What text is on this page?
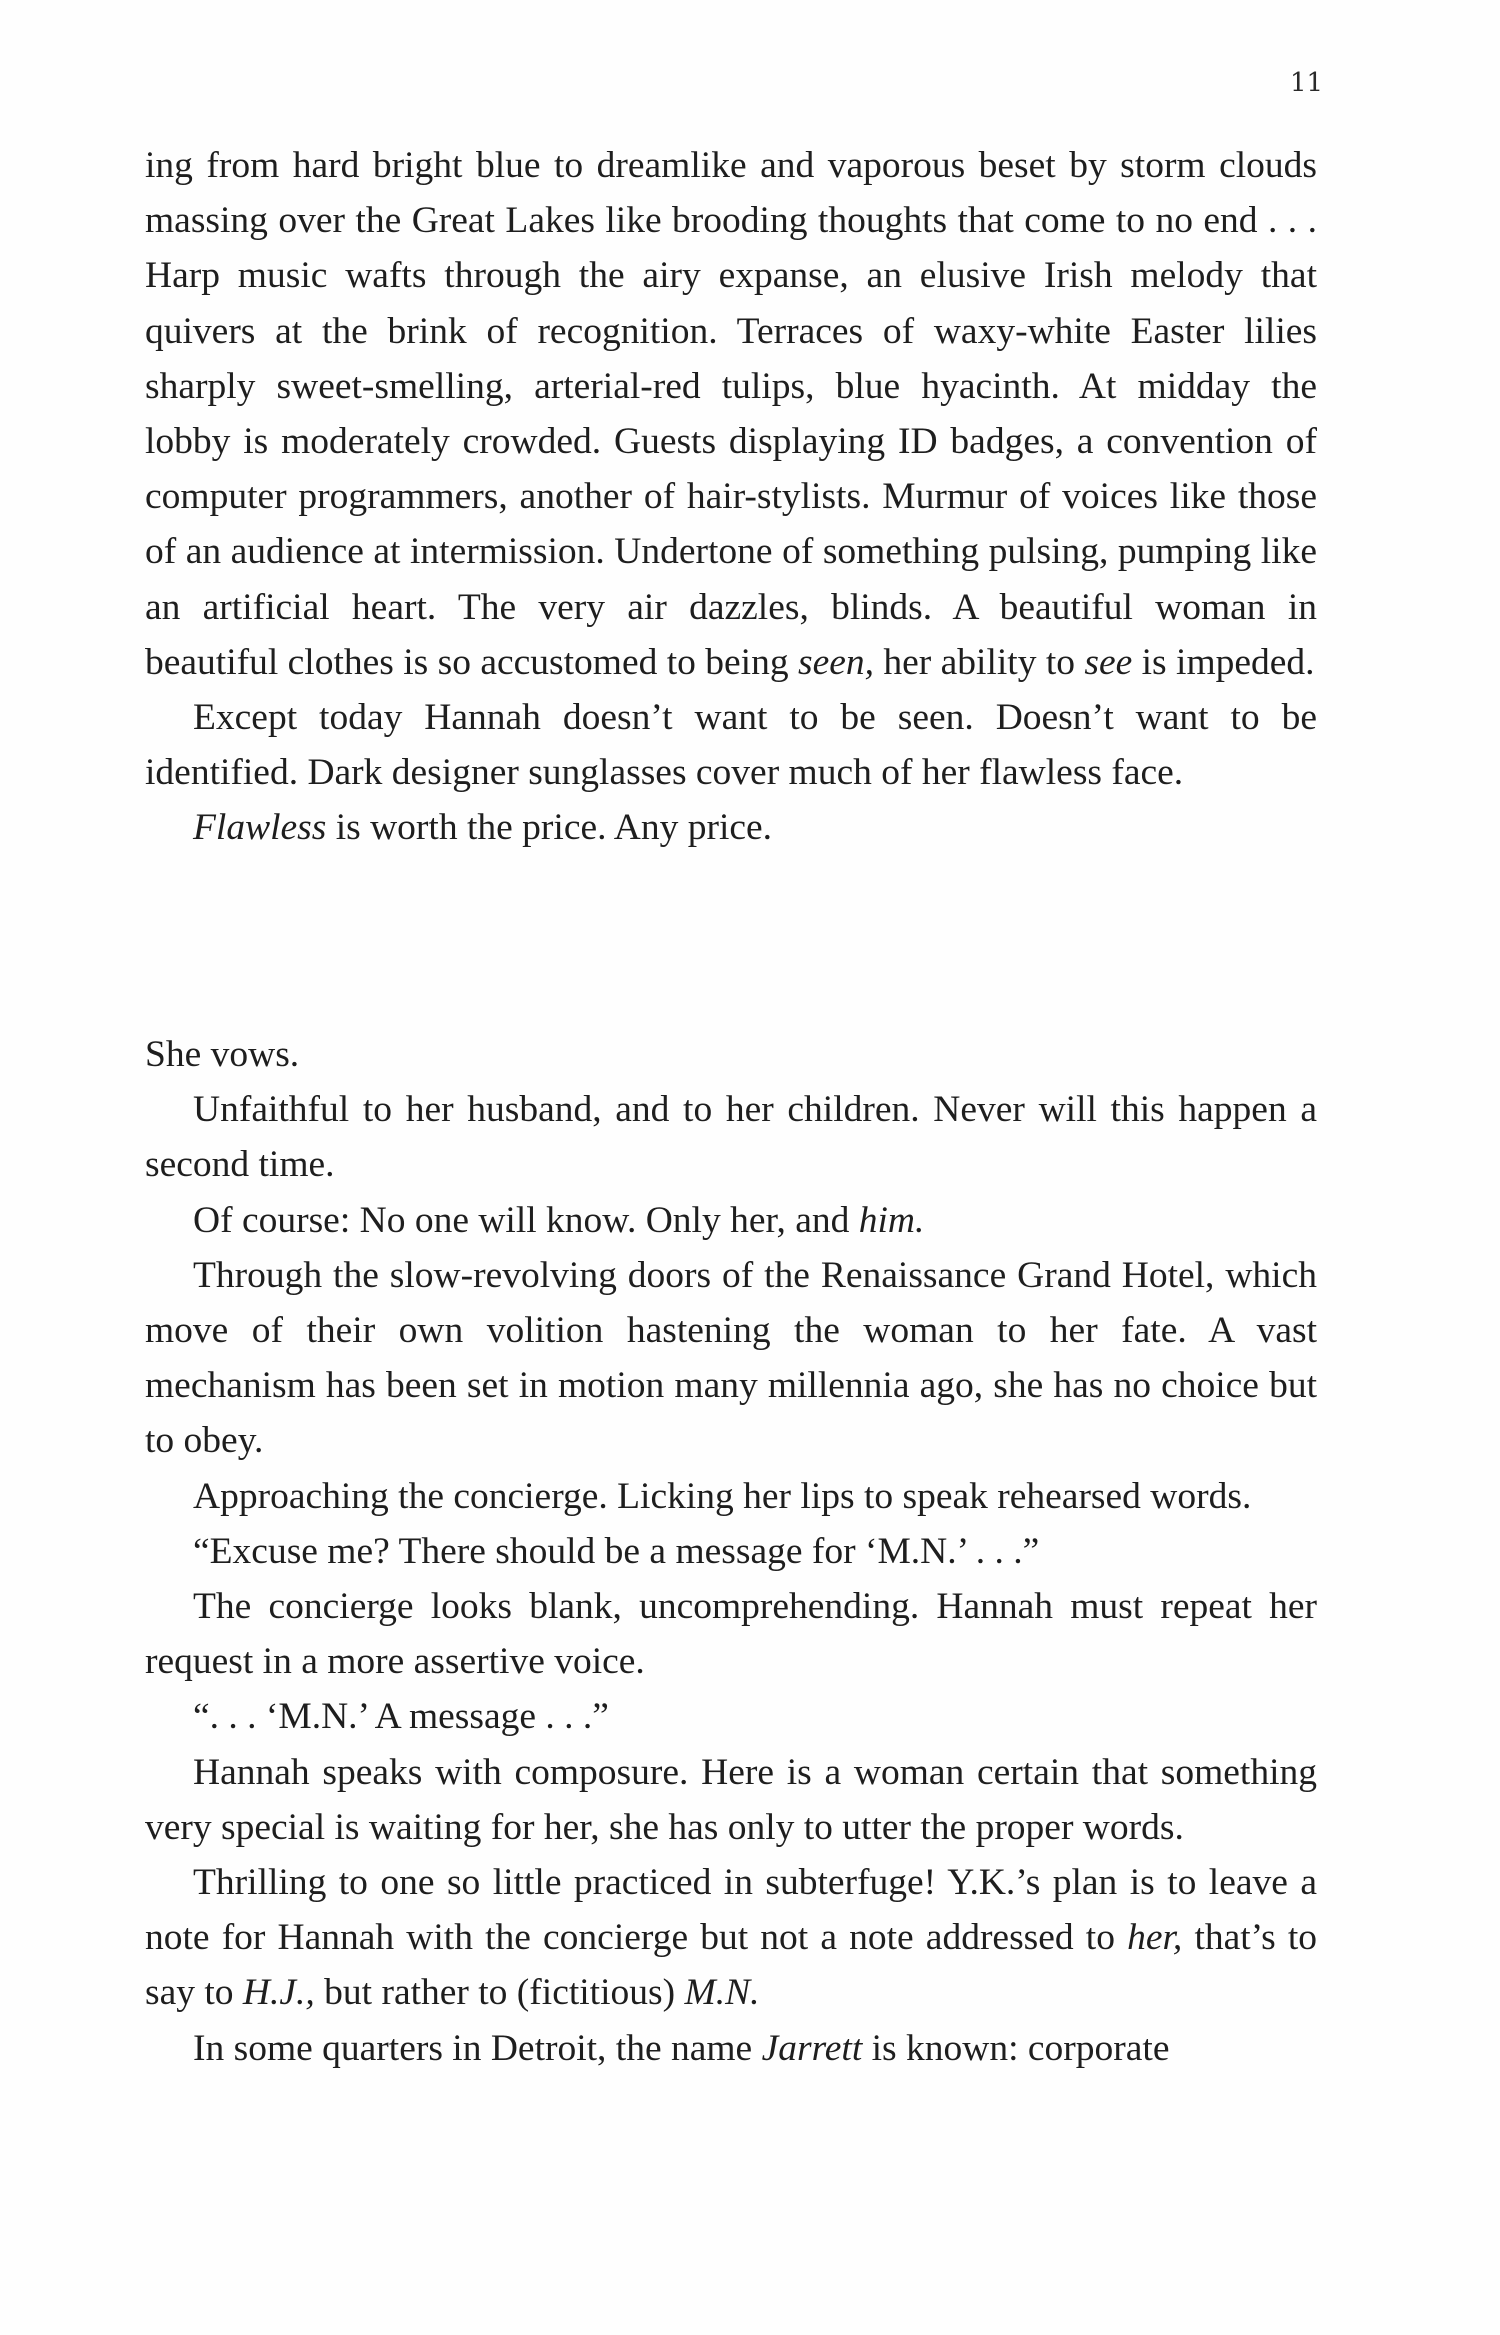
11

ing from hard bright blue to dreamlike and vaporous beset by storm clouds massing over the Great Lakes like brooding thoughts that come to no end . . . Harp music wafts through the airy expanse, an elusive Irish melody that quivers at the brink of recognition. Terraces of waxy-white Easter lilies sharply sweet-smelling, arterial-red tulips, blue hyacinth. At midday the lobby is moderately crowded. Guests displaying ID badges, a convention of computer programmers, another of hair-stylists. Murmur of voices like those of an audience at intermission. Undertone of something pulsing, pumping like an artificial heart. The very air dazzles, blinds. A beautiful woman in beautiful clothes is so accustomed to being seen, her ability to see is impeded.

Except today Hannah doesn’t want to be seen. Doesn’t want to be identified. Dark designer sunglasses cover much of her flawless face.

Flawless is worth the price. Any price.

She vows.

Unfaithful to her husband, and to her children. Never will this happen a second time.

Of course: No one will know. Only her, and him.

Through the slow-revolving doors of the Renaissance Grand Hotel, which move of their own volition hastening the woman to her fate. A vast mechanism has been set in motion many millennia ago, she has no choice but to obey.

Approaching the concierge. Licking her lips to speak rehearsed words.

“Excuse me? There should be a message for ‘M.N.’ . . .”

The concierge looks blank, uncomprehending. Hannah must repeat her request in a more assertive voice.

“. . . ‘M.N.’ A message . . .”

Hannah speaks with composure. Here is a woman certain that something very special is waiting for her, she has only to utter the proper words.

Thrilling to one so little practiced in subterfuge! Y.K.’s plan is to leave a note for Hannah with the concierge but not a note addressed to her, that’s to say to H.J., but rather to (fictitious) M.N.

In some quarters in Detroit, the name Jarrett is known: corporate
